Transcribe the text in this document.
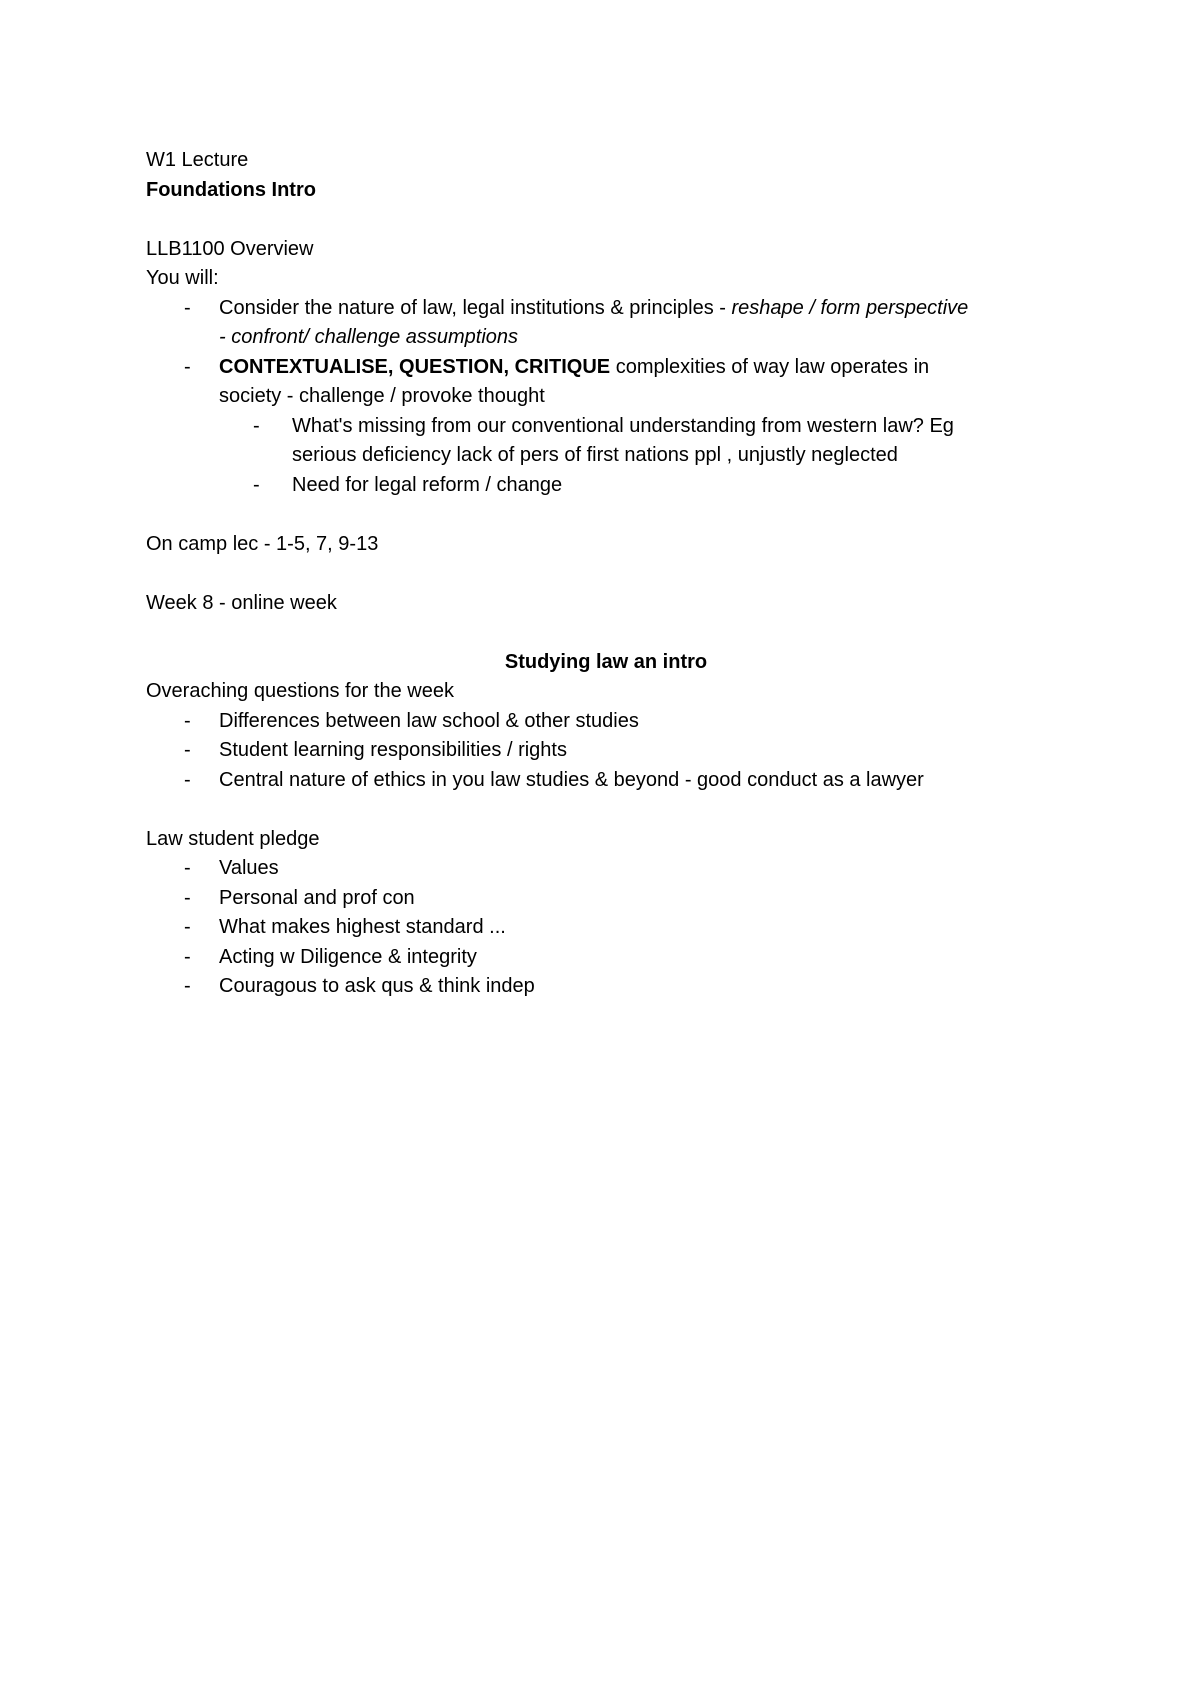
W1 Lecture
Foundations Intro
LLB1100 Overview
You will:
- Consider the nature of law, legal institutions & principles - reshape / form perspective
- confront/ challenge assumptions
- CONTEXTUALISE, QUESTION, CRITIQUE complexities of way law operates in
society - challenge / provoke thought
- What's missing from our conventional understanding from western law? Eg
serious deficiency lack of pers of first nations ppl , unjustly neglected
- Need for legal reform / change
On camp lec - 1-5, 7, 9-13
Week 8 - online week
Studying law an intro
Overaching questions for the week
- Differences between law school & other studies
- Student learning responsibilities / rights
- Central nature of ethics in you law studies & beyond - good conduct as a lawyer
Law student pledge
- Values
- Personal and prof con
- What makes highest standard ...
- Acting w Diligence & integrity
- Couragous to ask qus & think indep
